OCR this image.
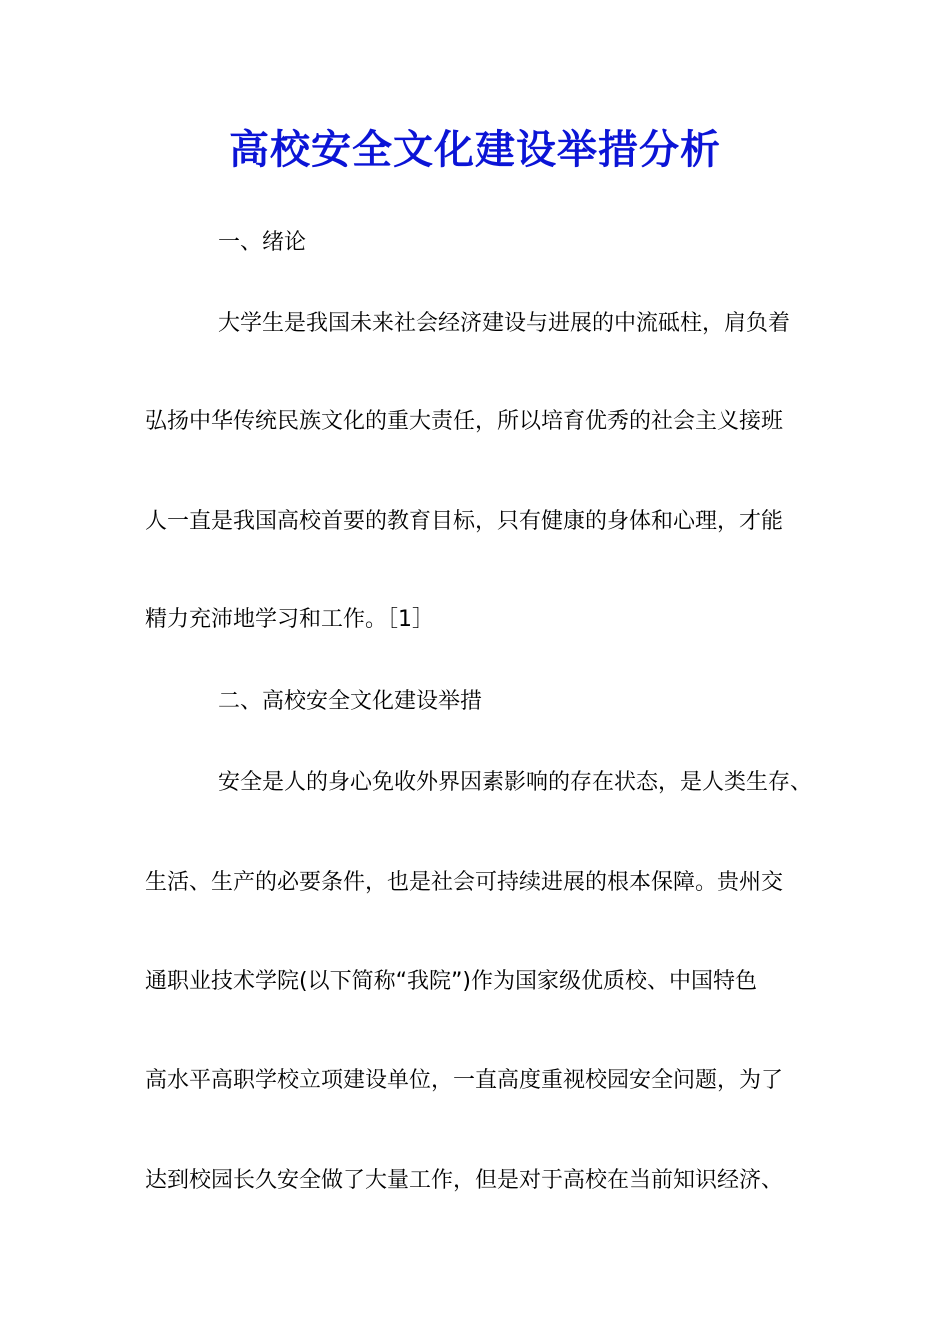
高校安全文化建设举措分析
一、绪论
大学生是我国未来社会经济建设与进展的中流砥柱，肩负着
弘扬中华传统民族文化的重大责任，所以培育优秀的社会主义接班
人一直是我国高校首要的教育目标，只有健康的身体和心理，才能
精力充沛地学习和工作。［1］
二、高校安全文化建设举措
安全是人的身心免收外界因素影响的存在状态，是人类生存、
生活、生产的必要条件，也是社会可持续进展的根本保障。贵州交
通职业技术学院(以下简称“我院”)作为国家级优质校、中国特色
高水平高职学校立项建设单位，一直高度重视校园安全问题，为了
达到校园长久安全做了大量工作，但是对于高校在当前知识经济、
